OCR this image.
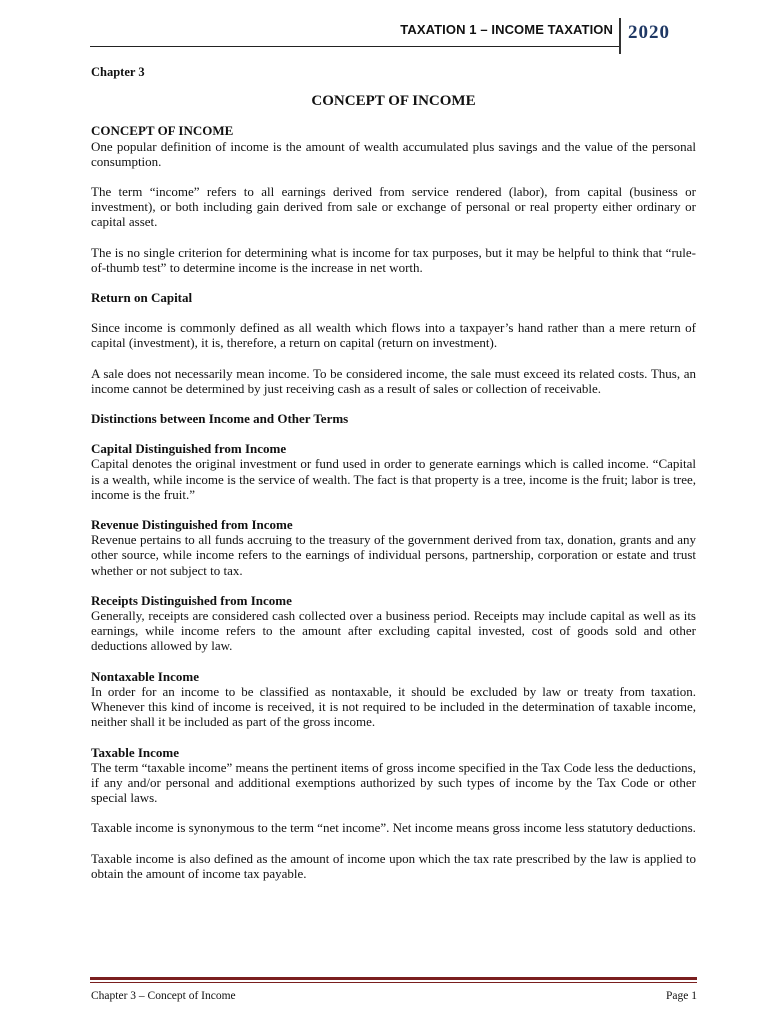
TAXATION 1 – INCOME TAXATION 2020
Chapter 3
CONCEPT OF INCOME
CONCEPT OF INCOME

One popular definition of income is the amount of wealth accumulated plus savings and the value of the personal consumption.

The term “income” refers to all earnings derived from service rendered (labor), from capital (business or investment), or both including gain derived from sale or exchange of personal or real property either ordinary or capital asset.

The is no single criterion for determining what is income for tax purposes, but it may be helpful to think that “rule-of-thumb test” to determine income is the increase in net worth.

Return on Capital

Since income is commonly defined as all wealth which flows into a taxpayer’s hand rather than a mere return of capital (investment), it is, therefore, a return on capital (return on investment).

A sale does not necessarily mean income. To be considered income, the sale must exceed its related costs. Thus, an income cannot be determined by just receiving cash as a result of sales or collection of receivable.

Distinctions between Income and Other Terms
Capital Distinguished from Income

Capital denotes the original investment or fund used in order to generate earnings which is called income. “Capital is a wealth, while income is the service of wealth. The fact is that property is a tree, income is the fruit; labor is tree, income is the fruit.”

Revenue Distinguished from Income

Revenue pertains to all funds accruing to the treasury of the government derived from tax, donation, grants and any other source, while income refers to the earnings of individual persons, partnership, corporation or estate and trust whether or not subject to tax.

Receipts Distinguished from Income

Generally, receipts are considered cash collected over a business period. Receipts may include capital as well as its earnings, while income refers to the amount after excluding capital invested, cost of goods sold and other deductions allowed by law.

Nontaxable Income

In order for an income to be classified as nontaxable, it should be excluded by law or treaty from taxation. Whenever this kind of income is received, it is not required to be included in the determination of taxable income, neither shall it be included as part of the gross income.

Taxable Income

The term “taxable income” means the pertinent items of gross income specified in the Tax Code less the deductions, if any and/or personal and additional exemptions authorized by such types of income by the Tax Code or other special laws.

Taxable income is synonymous to the term “net income”. Net income means gross income less statutory deductions.

Taxable income is also defined as the amount of income upon which the tax rate prescribed by the law is applied to obtain the amount of income tax payable.

Chapter 3 – Concept of Income	Page 1
